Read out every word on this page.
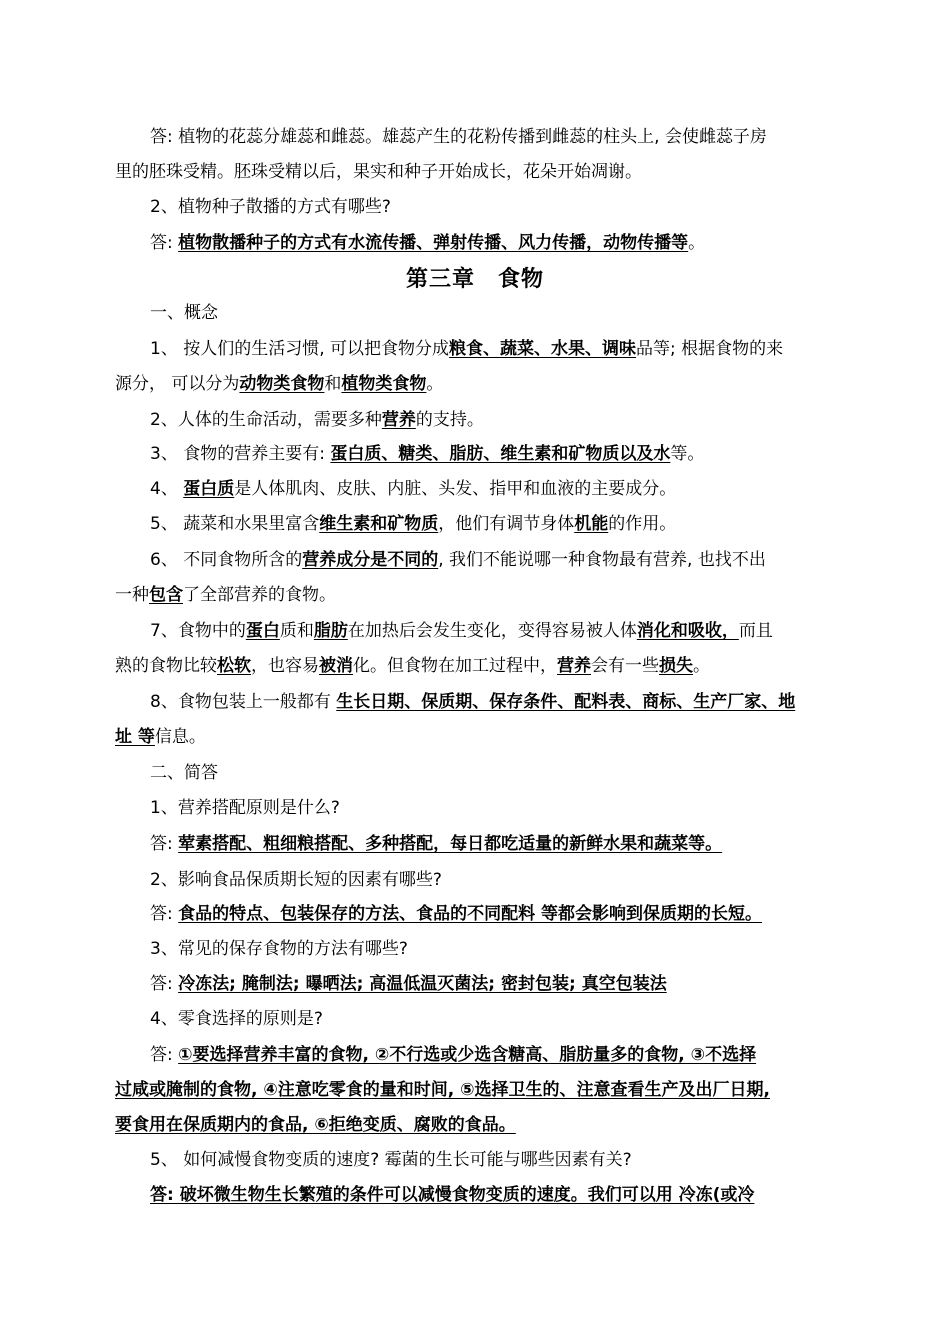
第三章　食物
答: 植物的花蕊分雄蕊和雌蕊。雄蕊产生的花粉传播到雌蕊的柱头上, 会使雌蕊子房
里的胚珠受精。胚珠受精以后，果实和种子开始成长，花朵开始凋谢。
2、植物种子散播的方式有哪些?
答: 植物散播种子的方式有水流传播、弹射传播、风力传播，动物传播等。
一、概念
1、 按人们的生活习惯, 可以把食物分成粮食、蔬菜、水果、调味品等; 根据食物的来
源分， 可以分为动物类食物和植物类食物。
2、人体的生命活动，需要多种营养的支持。
3、 食物的营养主要有: 蛋白质、糖类、脂肪、维生素和矿物质以及水等。
4、 蛋白质是人体肌肉、皮肤、内脏、头发、指甲和血液的主要成分。
5、 蔬菜和水果里富含维生素和矿物质，他们有调节身体机能的作用。
6、 不同食物所含的营养成分是不同的, 我们不能说哪一种食物最有营养, 也找不出
一种包含了全部营养的食物。
7、食物中的蛋白质和脂肪在加热后会发生变化，变得容易被人体消化和吸收，而且
熟的食物比较松软，也容易被消化。但食物在加工过程中，营养会有一些损失。
8、食物包装上一般都有 生长日期、保质期、保存条件、配料表、商标、生产厂家、地
址 等信息。
二、简答
1、营养搭配原则是什么?
答: 荤素搭配、粗细粮搭配、多种搭配，每日都吃适量的新鲜水果和蔬菜等。
2、影响食品保质期长短的因素有哪些?
答: 食品的特点、包装保存的方法、食品的不同配料 等都会影响到保质期的长短。
3、常见的保存食物的方法有哪些?
答: 冷冻法; 腌制法; 曝晒法; 高温低温灭菌法; 密封包装; 真空包装法
4、零食选择的原则是?
答: ①要选择营养丰富的食物, ②不行选或少选含糖高、脂肪量多的食物, ③不选择
过咸或腌制的食物, ④注意吃零食的量和时间, ⑤选择卫生的、注意查看生产及出厂日期,
要食用在保质期内的食品, ⑥拒绝变质、腐败的食品。
5、 如何减慢食物变质的速度? 霉菌的生长可能与哪些因素有关?
答: 破坏微生物生长繁殖的条件可以减慢食物变质的速度。我们可以用 冷冻(或冷
